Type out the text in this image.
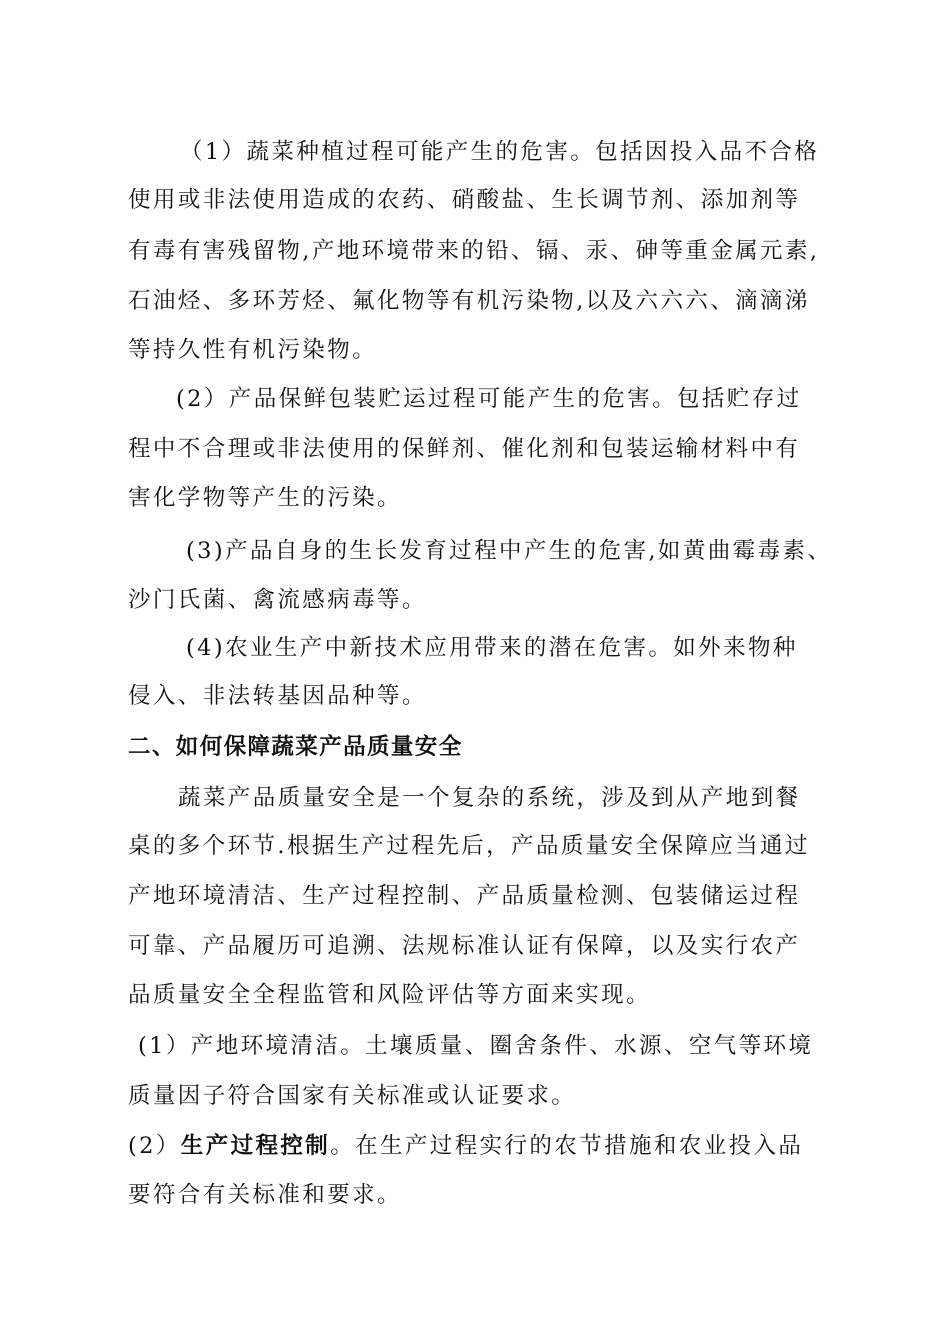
（1）蔬菜种植过程可能产生的危害。包括因投入品不合格
使用或非法使用造成的农药、硝酸盐、生长调节剂、添加剂等
有毒有害残留物,产地环境带来的铅、镉、汞、砷等重金属元素,
石油烃、多环芳烃、氟化物等有机污染物,以及六六六、滴滴涕
等持久性有机污染物。
(2）产品保鲜包装贮运过程可能产生的危害。包括贮存过
程中不合理或非法使用的保鲜剂、催化剂和包装运输材料中有
害化学物等产生的污染。
(3)产品自身的生长发育过程中产生的危害,如黄曲霉毒素、
沙门氏菌、禽流感病毒等。
(4)农业生产中新技术应用带来的潜在危害。如外来物种
侵入、非法转基因品种等。
二、如何保障蔬菜产品质量安全
蔬菜产品质量安全是一个复杂的系统，涉及到从产地到餐
桌的多个环节.根据生产过程先后，产品质量安全保障应当通过
产地环境清洁、生产过程控制、产品质量检测、包装储运过程
可靠、产品履历可追溯、法规标准认证有保障，以及实行农产
品质量安全全程监管和风险评估等方面来实现。
(1）产地环境清洁。土壤质量、圈舍条件、水源、空气等环境
质量因子符合国家有关标准或认证要求。
(2）生产过程控制。在生产过程实行的农节措施和农业投入品
要符合有关标准和要求。
